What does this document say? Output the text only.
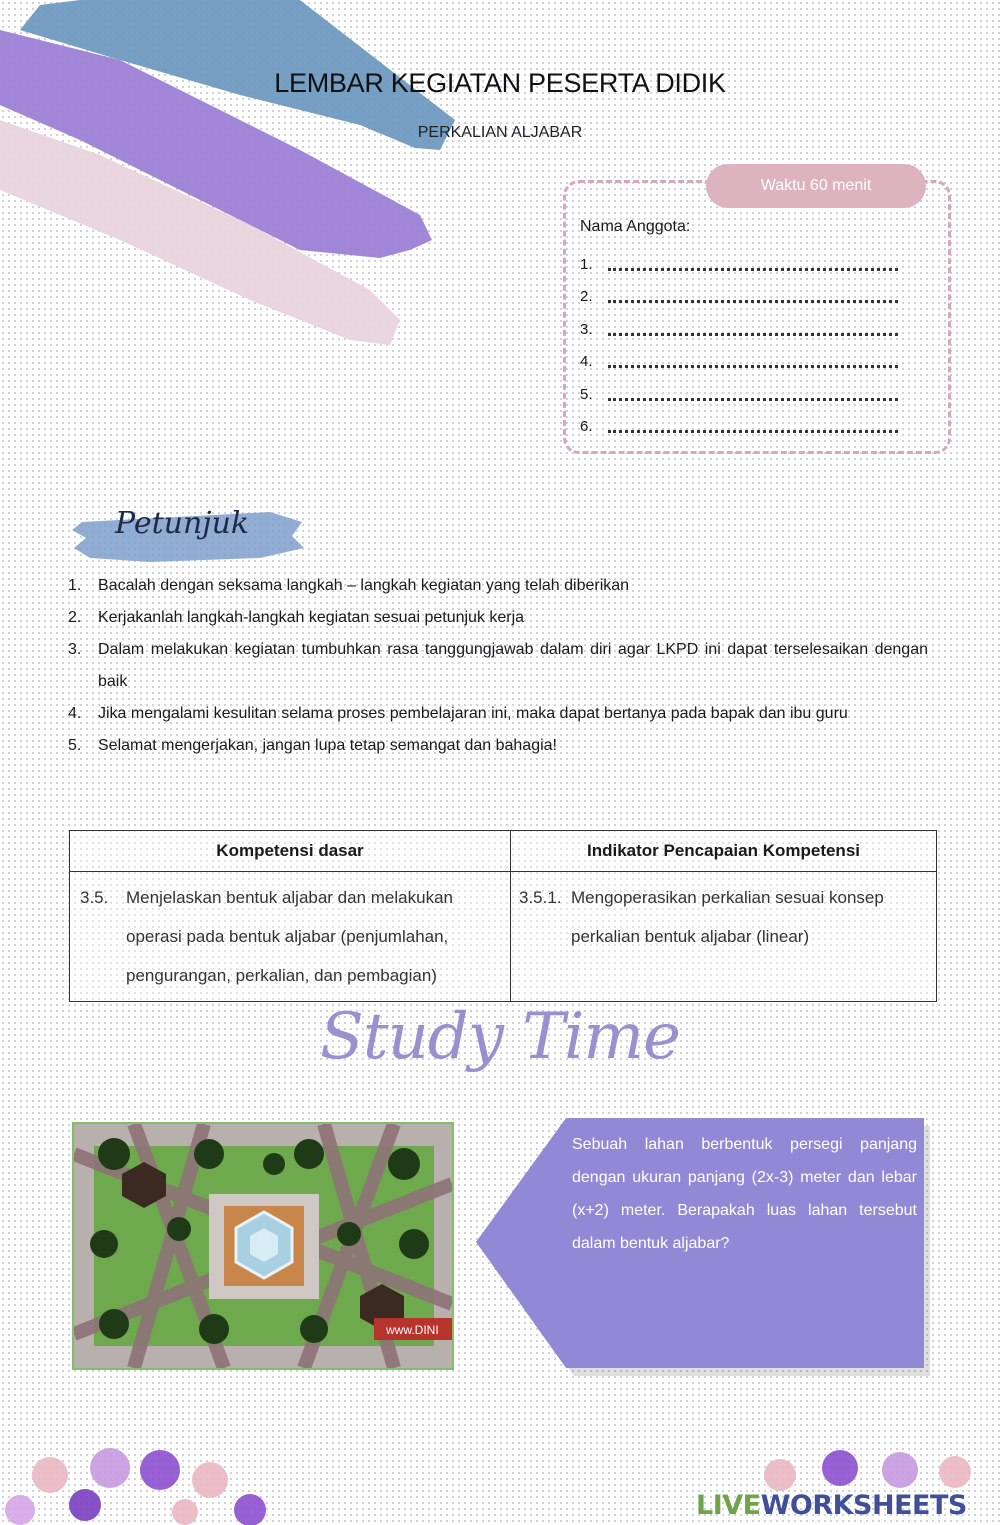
LEMBAR KEGIATAN PESERTA DIDIK
PERKALIAN ALJABAR
Waktu 60 menit
Nama Anggota:
1.
2.
3.
4.
5.
6.
Petunjuk
1.	Bacalah dengan seksama langkah – langkah kegiatan yang telah diberikan
2.	Kerjakanlah langkah-langkah kegiatan sesuai petunjuk kerja
3.	Dalam melakukan kegiatan tumbuhkan rasa tanggungjawab dalam diri agar LKPD ini dapat terselesaikan dengan baik
4.	Jika mengalami kesulitan selama proses pembelajaran ini, maka dapat bertanya pada bapak dan ibu guru
5.	Selamat mengerjakan, jangan lupa tetap semangat dan bahagia!
Kompetensi dasar	Indikator Pencapaian Kompetensi

3.5. Menjelaskan bentuk aljabar dan melakukan operasi pada bentuk aljabar (penjumlahan, pengurangan, perkalian, dan pembagian)	3.5.1. Mengoperasikan perkalian sesuai konsep perkalian bentuk aljabar (linear)
Study Time
www.DINI
Sebuah lahan berbentuk persegi panjang dengan ukuran panjang (2x-3) meter dan lebar (x+2) meter. Berapakah luas lahan tersebut dalam bentuk aljabar?
LIVEWORKSHEETS
